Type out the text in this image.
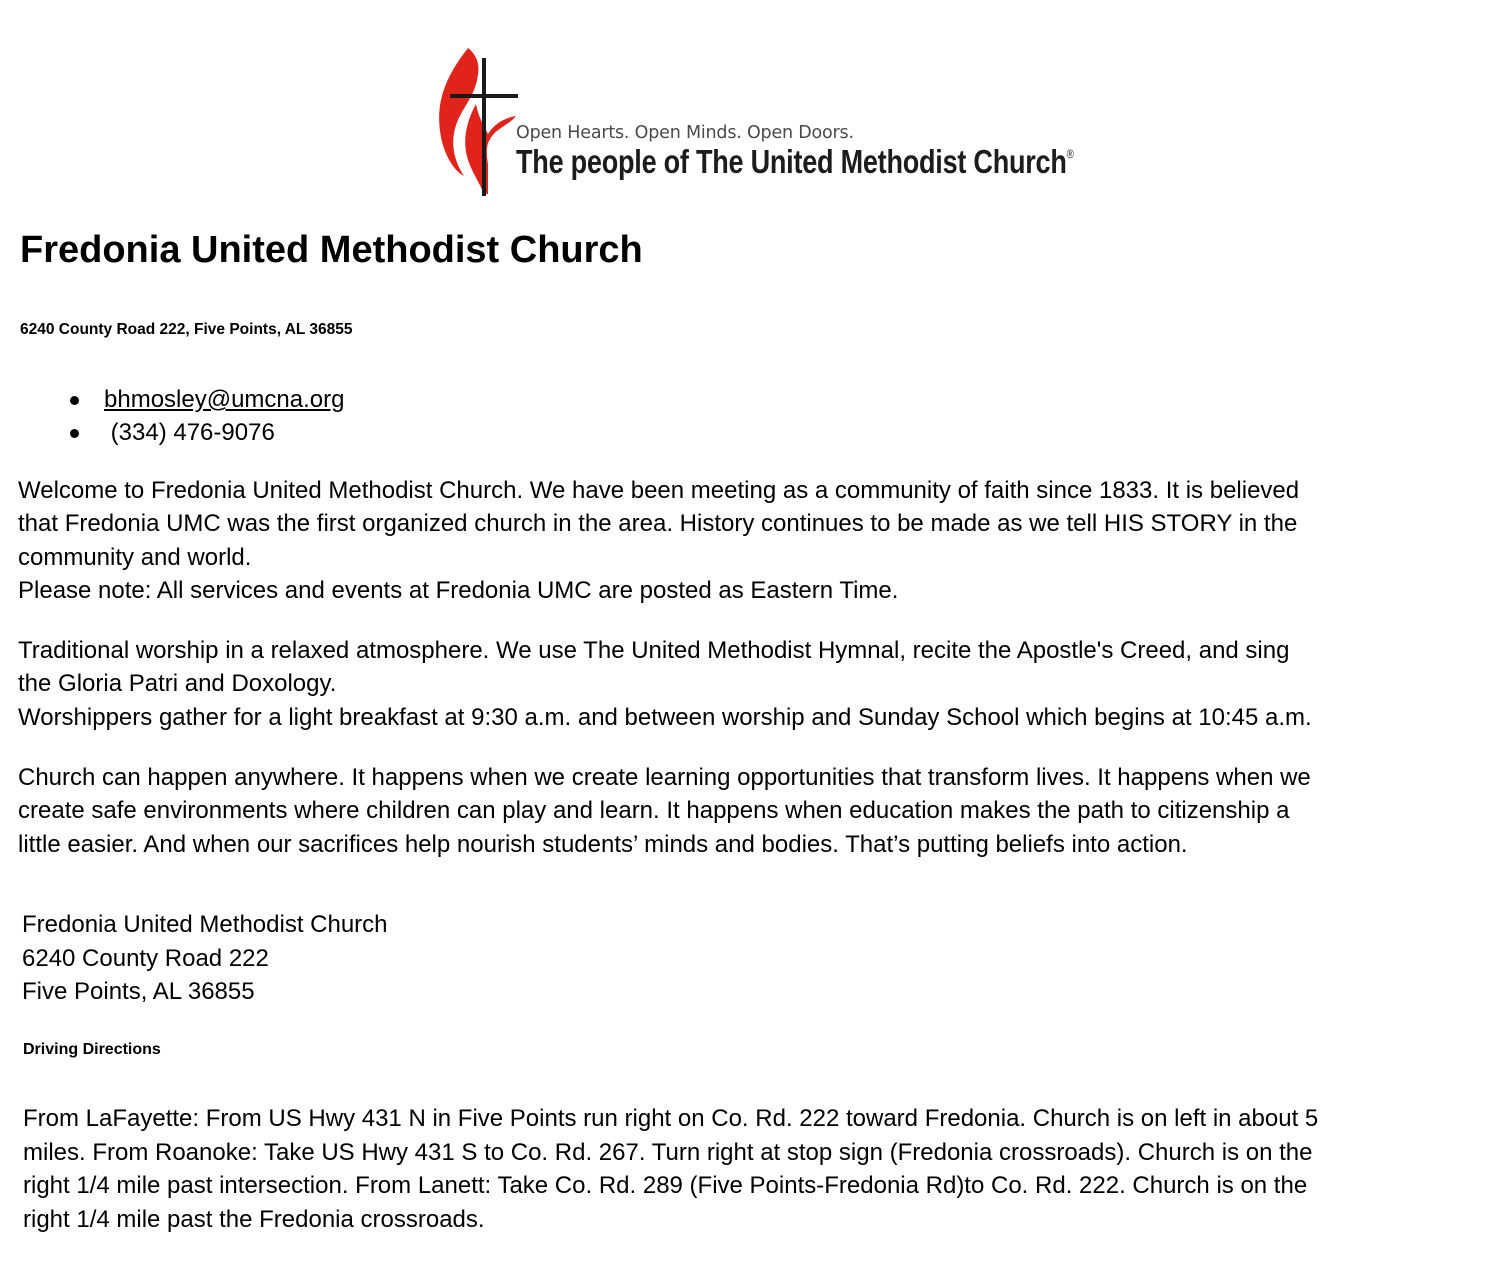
Open Hearts. Open Minds. Open Doors.
The people of The United Methodist Church®
Fredonia United Methodist Church
6240 County Road 222, Five Points, AL 36855
bhmosley@umcna.org
(334) 476-9076
Welcome to Fredonia United Methodist Church. We have been meeting as a community of faith since 1833. It is believed
that Fredonia UMC was the first organized church in the area. History continues to be made as we tell HIS STORY in the
community and world.
Please note: All services and events at Fredonia UMC are posted as Eastern Time.
Traditional worship in a relaxed atmosphere. We use The United Methodist Hymnal, recite the Apostle's Creed, and sing
the Gloria Patri and Doxology.
Worshippers gather for a light breakfast at 9:30 a.m. and between worship and Sunday School which begins at 10:45 a.m.
Church can happen anywhere. It happens when we create learning opportunities that transform lives. It happens when we
create safe environments where children can play and learn. It happens when education makes the path to citizenship a
little easier. And when our sacrifices help nourish students’ minds and bodies. That’s putting beliefs into action.
Fredonia United Methodist Church
6240 County Road 222
Five Points, AL 36855
Driving Directions
From LaFayette: From US Hwy 431 N in Five Points run right on Co. Rd. 222 toward Fredonia. Church is on left in about 5
miles. From Roanoke: Take US Hwy 431 S to Co. Rd. 267. Turn right at stop sign (Fredonia crossroads). Church is on the
right 1/4 mile past intersection. From Lanett: Take Co. Rd. 289 (Five Points-Fredonia Rd)to Co. Rd. 222. Church is on the
right 1/4 mile past the Fredonia crossroads.
